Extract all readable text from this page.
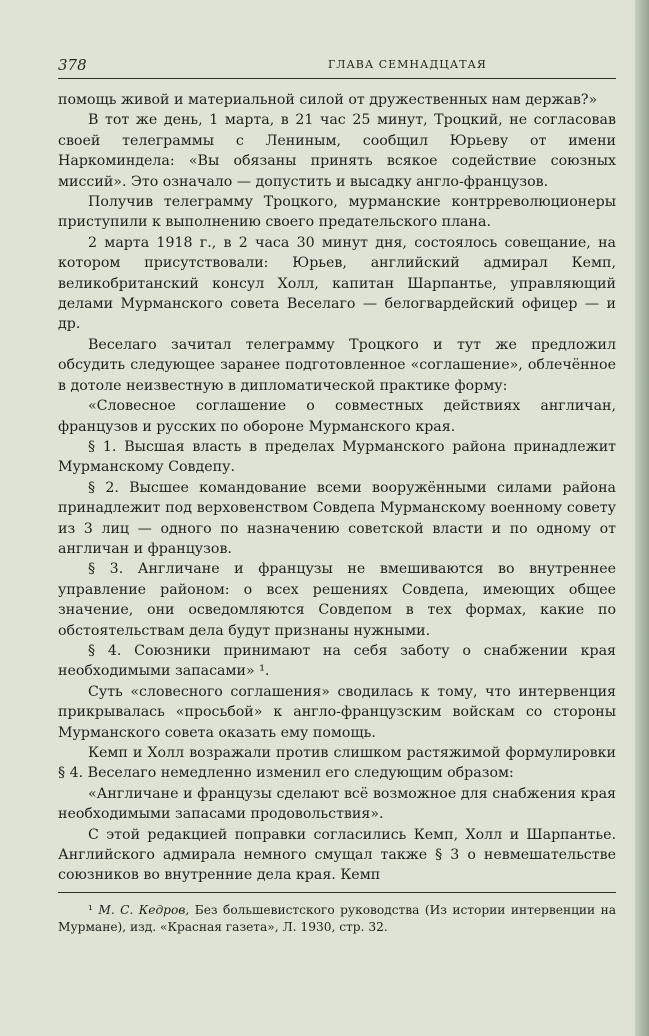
378	ГЛАВА СЕМНАДЦАТАЯ

помощь живой и материальной силой от дружественных нам держав?»

В тот же день, 1 марта, в 21 час 25 минут, Троцкий, не согласовав своей телеграммы с Лениным, сообщил Юрьеву от имени Наркоминдела: «Вы обязаны принять всякое содействие союзных миссий». Это означало — допустить и высадку англо-французов.

Получив телеграмму Троцкого, мурманские контрреволюционеры приступили к выполнению своего предательского плана.

2 марта 1918 г., в 2 часа 30 минут дня, состоялось совещание, на котором присутствовали: Юрьев, английский адмирал Кемп, великобританский консул Холл, капитан Шарпантье, управляющий делами Мурманского совета Веселаго — белогвардейский офицер — и др.

Веселаго зачитал телеграмму Троцкого и тут же предложил обсудить следующее заранее подготовленное «соглашение», облечённое в дотоле неизвестную в дипломатической практике форму:

«Словесное соглашение о совместных действиях англичан, французов и русских по обороне Мурманского края.

§ 1. Высшая власть в пределах Мурманского района принадлежит Мурманскому Совдепу.

§ 2. Высшее командование всеми вооружёнными силами района принадлежит под верховенством Совдепа Мурманскому военному совету из 3 лиц — одного по назначению советской власти и по одному от англичан и французов.

§ 3. Англичане и французы не вмешиваются во внутреннее управление районом: о всех решениях Совдепа, имеющих общее значение, они осведомляются Совдепом в тех формах, какие по обстоятельствам дела будут признаны нужными.

§ 4. Союзники принимают на себя заботу о снабжении края необходимыми запасами» ¹.

Суть «словесного соглашения» сводилась к тому, что интервенция прикрывалась «просьбой» к англо-французским войскам со стороны Мурманского совета оказать ему помощь.

Кемп и Холл возражали против слишком растяжимой формулировки § 4. Веселаго немедленно изменил его следующим образом:

«Англичане и французы сделают всё возможное для снабжения края необходимыми запасами продовольствия».

С этой редакцией поправки согласились Кемп, Холл и Шарпантье. Английского адмирала немного смущал также § 3 о невмешательстве союзников во внутренние дела края. Кемп

¹ М. С. Кедров, Без большевистского руководства (Из истории интервенции на Мурмане), изд. «Красная газета», Л. 1930, стр. 32.
